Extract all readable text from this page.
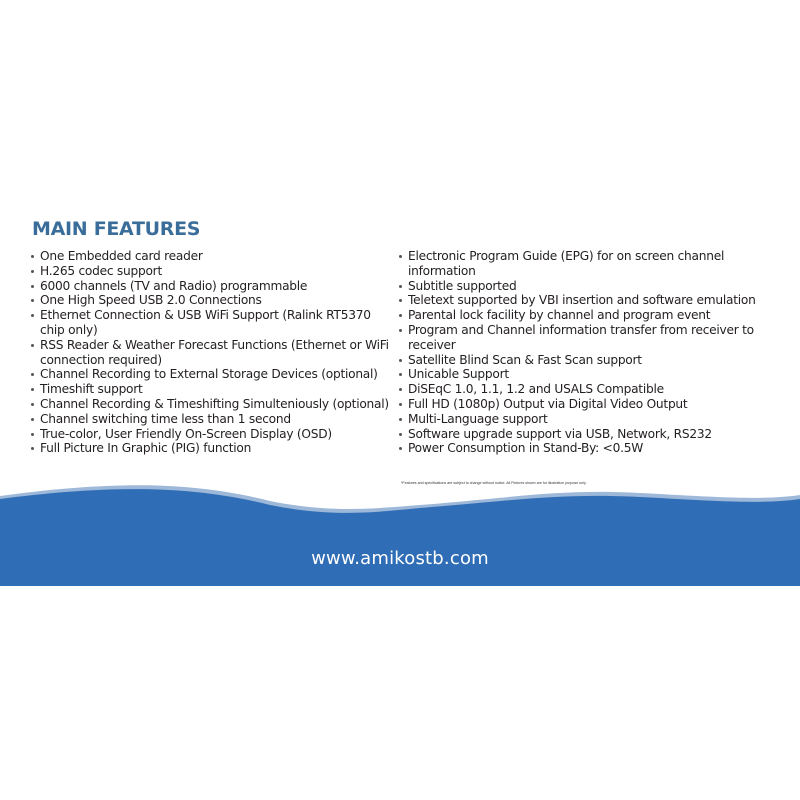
MAIN FEATURES
One Embedded card reader
H.265 codec support
6000 channels (TV and Radio) programmable
One High Speed USB 2.0 Connections
Ethernet Connection & USB WiFi Support (Ralink RT5370 chip only)
RSS Reader & Weather Forecast Functions (Ethernet or WiFi connection required)
Channel Recording to External Storage Devices (optional)
Timeshift support
Channel Recording & Timeshifting Simulteniously (optional)
Channel switching time less than 1 second
True-color, User Friendly On-Screen Display (OSD)
Full Picture In Graphic (PIG) function
Electronic Program Guide (EPG) for on screen channel information
Subtitle supported
Teletext supported by VBI insertion and software emulation
Parental lock facility by channel and program event
Program and Channel information transfer from receiver to receiver
Satellite Blind Scan & Fast Scan support
Unicable Support
DiSEqC 1.0, 1.1, 1.2 and USALS Compatible
Full HD (1080p) Output via Digital Video Output
Multi-Language support
Software upgrade support via USB, Network, RS232
Power Consumption in Stand-By: <0.5W

*Features and specifications are subject to change without notice. All Pictures shown are for illustration purpose only.

www.amikostb.com
